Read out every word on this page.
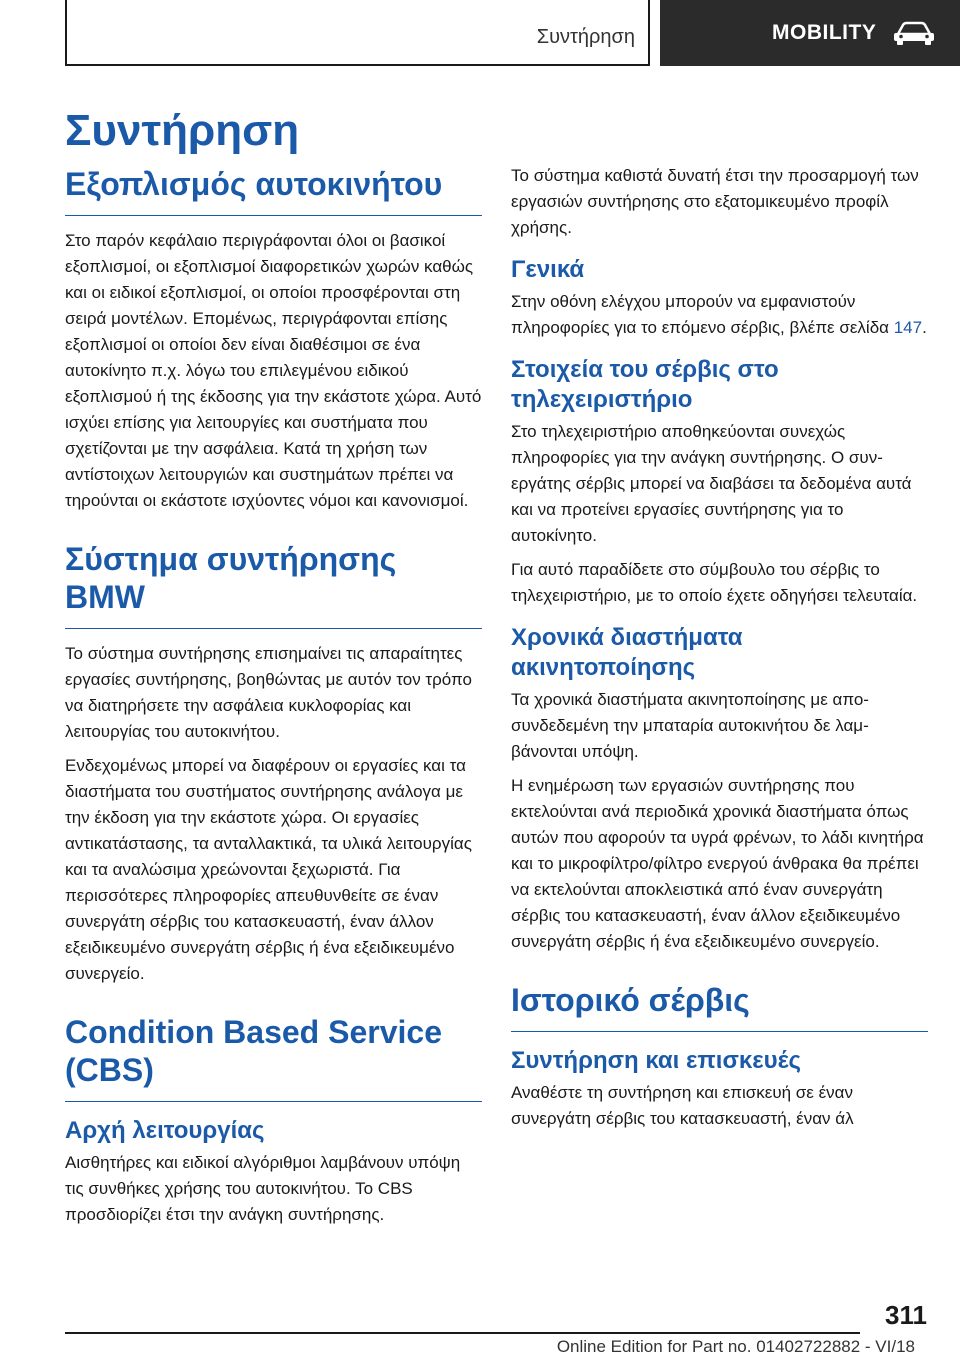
Συντήρηση	MOBILITY
Συντήρηση
Εξοπλισμός αυτοκινήτου

Στο παρόν κεφάλαιο περιγράφονται όλοι οι βασικοί εξοπλισμοί, οι εξοπλισμοί διαφορετικών χωρών καθώς και οι ειδικοί εξοπλισμοί, οι οποίοι προσφέρονται στη σειρά μοντέλων. Επομένως, περιγράφονται επίσης εξοπλισμοί οι οποίοι δεν είναι διαθέσιμοι σε ένα αυτοκίνητο π.χ. λόγω του επιλεγμένου ειδικού εξοπλισμού ή της έκδοσης για την εκάστοτε χώρα. Αυτό ισχύει επίσης για λειτουργίες και συστήματα που σχετίζονται με την ασφάλεια. Κατά τη χρήση των αντίστοιχων λειτουργιών και συστημάτων πρέπει να τηρούνται οι εκάστοτε ισχύοντες νόμοι και κανονισμοί.

Σύστημα συντήρησης BMW

Το σύστημα συντήρησης επισημαίνει τις απαραίτητες εργασίες συντήρησης, βοηθώντας με αυτόν τον τρόπο να διατηρήσετε την ασφάλεια κυκλοφορίας και λειτουργίας του αυτοκινήτου.

Ενδεχομένως μπορεί να διαφέρουν οι εργασίες και τα διαστήματα του συστήματος συντήρησης ανάλογα με την έκδοση για την εκάστοτε χώρα. Οι εργασίες αντικατάστασης, τα ανταλλακτικά, τα υλικά λειτουργίας και τα αναλώσιμα χρεώνονται ξεχωριστά. Για περισσότερες πληροφορίες απευθυνθείτε σε έναν συνεργάτη σέρβις του κατασκευαστή, έναν άλλον εξειδικευμένο συνεργάτη σέρβις ή ένα εξειδικευμένο συνεργείο.

Condition Based Service (CBS)
Αρχή λειτουργίας

Αισθητήρες και ειδικοί αλγόριθμοι λαμβάνουν υπόψη τις συνθήκες χρήσης του αυτοκινήτου. Το CBS προσδιορίζει έτσι την ανάγκη συντήρησης.

Το σύστημα καθιστά δυνατή έτσι την προσαρμογή των εργασιών συντήρησης στο εξατομικευμένο προφίλ χρήσης.

Γενικά

Στην οθόνη ελέγχου μπορούν να εμφανιστούν πληροφορίες για το επόμενο σέρβις, βλέπε σελίδα 147.

Στοιχεία του σέρβις στο τηλεχειριστήριο

Στο τηλεχειριστήριο αποθηκεύονται συνεχώς πληροφορίες για την ανάγκη συντήρησης. Ο συνεργάτης σέρβις μπορεί να διαβάσει τα δεδομένα αυτά και να προτείνει εργασίες συντήρησης για το αυτοκίνητο.

Για αυτό παραδίδετε στο σύμβουλο του σέρβις το τηλεχειριστήριο, με το οποίο έχετε οδηγήσει τελευταία.

Χρονικά διαστήματα ακινητοποίησης

Τα χρονικά διαστήματα ακινητοποίησης με αποσυνδεδεμένη την μπαταρία αυτοκινήτου δε λαμβάνονται υπόψη.

Η ενημέρωση των εργασιών συντήρησης που εκτελούνται ανά περιοδικά χρονικά διαστήματα όπως αυτών που αφορούν τα υγρά φρένων, το λάδι κινητήρα και το μικροφίλτρο/φίλτρο ενεργού άνθρακα θα πρέπει να εκτελούνται αποκλειστικά από έναν συνεργάτη σέρβις του κατασκευαστή, έναν άλλον εξειδικευμένο συνεργάτη σέρβις ή ένα εξειδικευμένο συνεργείο.

Ιστορικό σέρβις
Συντήρηση και επισκευές

Αναθέστε τη συντήρηση και επισκευή σε έναν συνεργάτη σέρβις του κατασκευαστή, έναν άλ

311
Online Edition for Part no. 01402722882 - VI/18
